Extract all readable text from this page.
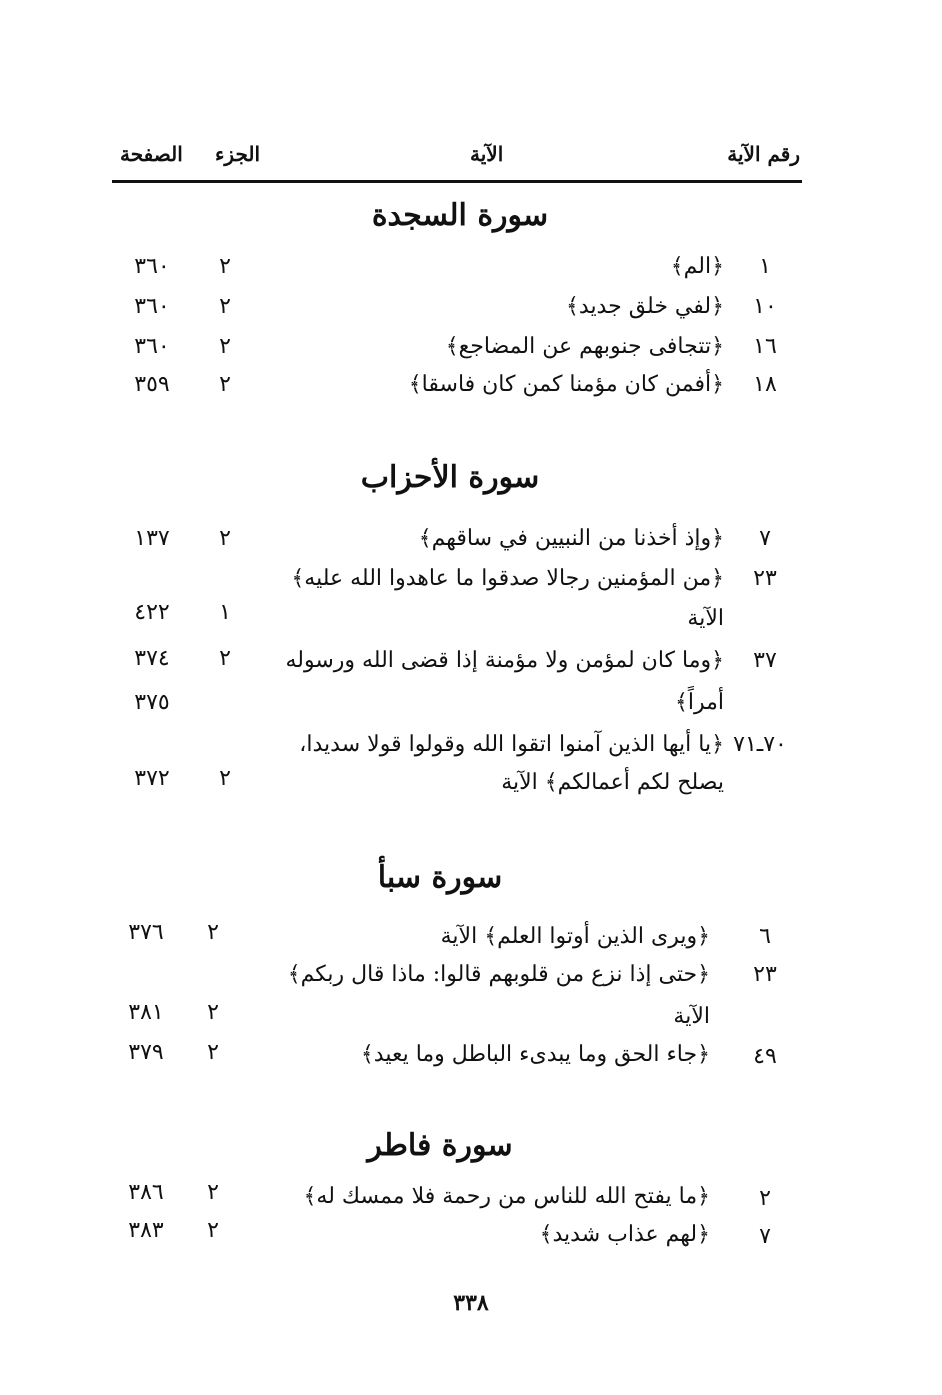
رقم الآية
الآية
الجزء
الصفحة
سورة السجدة
١
﴿الم﴾
٢
٣٦٠
١٠
﴿لفي خلق جديد﴾
٢
٣٦٠
١٦
﴿تتجافى جنوبهم عن المضاجع﴾
٢
٣٦٠
١٨
﴿أفمن كان مؤمنا كمن كان فاسقا﴾
٢
٣٥٩
سورة الأحزاب
٧
﴿وإذ أخذنا من النبيين في ساقهم﴾
٢
١٣٧
٢٣
﴿من المؤمنين رجالا صدقوا ما عاهدوا الله عليه﴾
الآية
١
٤٢٢
٣٧
﴿وما كان لمؤمن ولا مؤمنة إذا قضى الله ورسوله
٢
٣٧٤
أمراً﴾
٣٧٥
٧٠ـ٧١
﴿يا أيها الذين آمنوا اتقوا الله وقولوا قولا سديدا،
يصلح لكم أعمالكم﴾ الآية
٢
٣٧٢
سورة سبأ
٦
﴿ويرى الذين أوتوا العلم﴾ الآية
٢
٣٧٦
٢٣
﴿حتى إذا نزع من قلوبهم قالوا: ماذا قال ربكم﴾
الآية
٢
٣٨١
٤٩
﴿جاء الحق وما يبدىء الباطل وما يعيد﴾
٢
٣٧٩
سورة فاطر
٢
﴿ما يفتح الله للناس من رحمة فلا ممسك له﴾
٢
٣٨٦
٧
﴿لهم عذاب شديد﴾
٢
٣٨٣
٣٣٨
